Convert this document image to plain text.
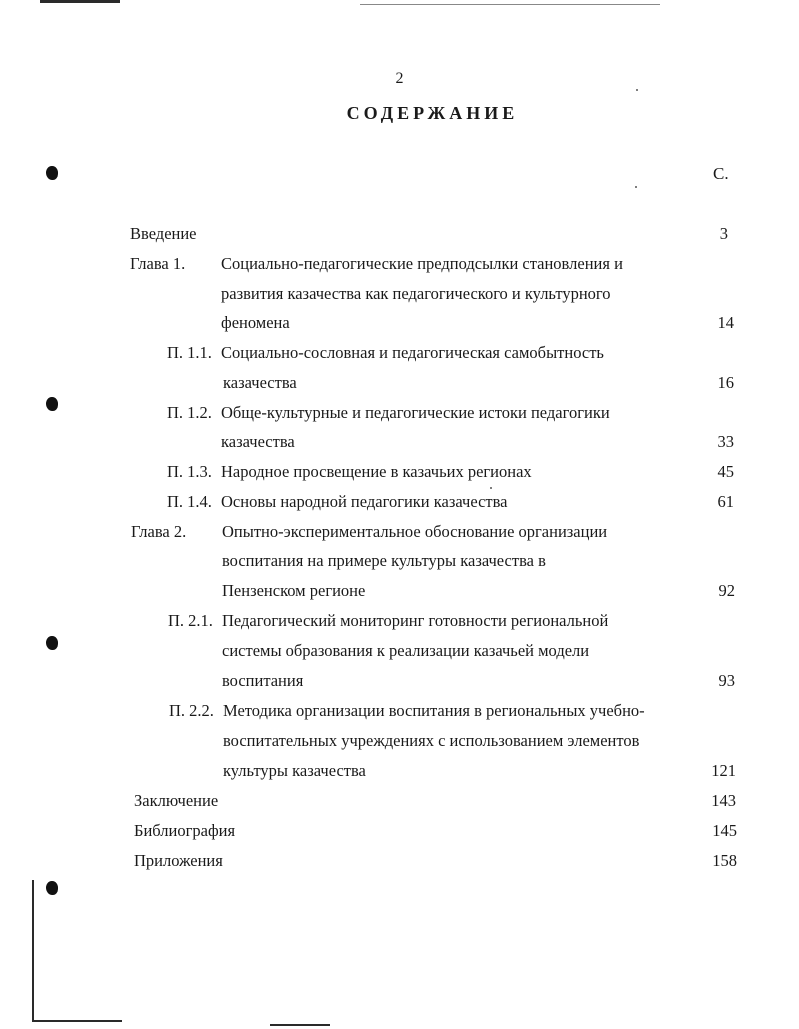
2
СОДЕРЖАНИЕ
С.
Введение	3
Глава 1. Социально-педагогические предподсылки становления и
развития казачества как педагогического и культурного
феномена	14
П. 1.1. Социально-сословная и педагогическая самобытность
казачества	16
П. 1.2. Обще-культурные и педагогические истоки педагогики
казачества	33
П. 1.3. Народное просвещение в казачьих регионах	45
П. 1.4. Основы народной педагогики казачества	61
Глава 2. Опытно-экспериментальное обоснование организации
воспитания на примере культуры казачества в
Пензенском регионе	92
П. 2.1. Педагогический мониторинг готовности региональной
системы образования к реализации казачьей модели
воспитания	93
П. 2.2. Методика организации воспитания в региональных учебно-
воспитательных учреждениях с использованием элементов
культуры казачества	121
Заключение	143
Библиография	145
Приложения	158
